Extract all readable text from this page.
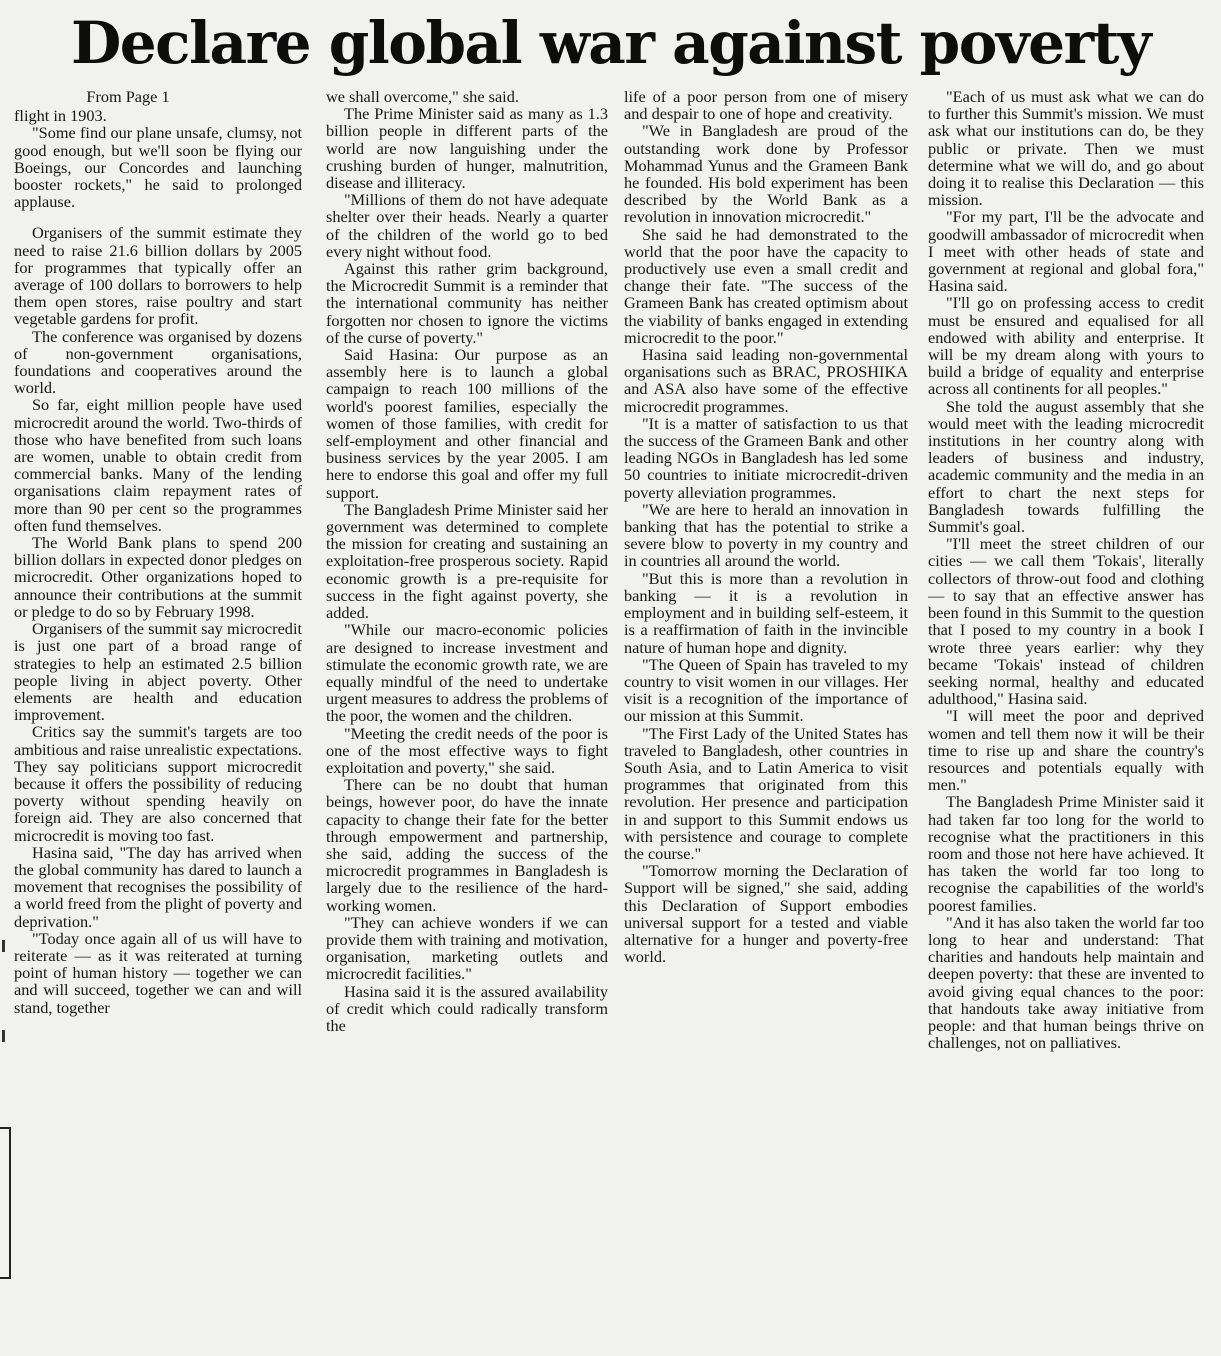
Declare global war against poverty
From Page 1

flight in 1903.

"Some find our plane unsafe, clumsy, not good enough, but we'll soon be flying our Boeings, our Concordes and launching booster rockets," he said to prolonged applause.

Organisers of the summit estimate they need to raise 21.6 billion dollars by 2005 for programmes that typically offer an average of 100 dollars to borrowers to help them open stores, raise poultry and start vegetable gardens for profit.

The conference was organised by dozens of non-government organisations, foundations and cooperatives around the world.

So far, eight million people have used microcredit around the world. Two-thirds of those who have benefited from such loans are women, unable to obtain credit from commercial banks. Many of the lending organisations claim repayment rates of more than 90 per cent so the programmes often fund themselves.

The World Bank plans to spend 200 billion dollars in expected donor pledges on microcredit. Other organizations hoped to announce their contributions at the summit or pledge to do so by February 1998.

Organisers of the summit say microcredit is just one part of a broad range of strategies to help an estimated 2.5 billion people living in abject poverty. Other elements are health and education improvement.

Critics say the summit's targets are too ambitious and raise unrealistic expectations. They say politicians support microcredit because it offers the possibility of reducing poverty without spending heavily on foreign aid. They are also concerned that microcredit is moving too fast.

Hasina said, "The day has arrived when the global community has dared to launch a movement that recognises the possibility of a world freed from the plight of poverty and deprivation."

"Today once again all of us will have to reiterate — as it was reiterated at turning point of human history — together we can and will succeed, together we can and will stand, together

we shall overcome," she said.

The Prime Minister said as many as 1.3 billion people in different parts of the world are now languishing under the crushing burden of hunger, malnutrition, disease and illiteracy.

"Millions of them do not have adequate shelter over their heads. Nearly a quarter of the children of the world go to bed every night without food.

Against this rather grim background, the Microcredit Summit is a reminder that the international community has neither forgotten nor chosen to ignore the victims of the curse of poverty."

Said Hasina: Our purpose as an assembly here is to launch a global campaign to reach 100 millions of the world's poorest families, especially the women of those families, with credit for self-employment and other financial and business services by the year 2005. I am here to endorse this goal and offer my full support.

The Bangladesh Prime Minister said her government was determined to complete the mission for creating and sustaining an exploitation-free prosperous society. Rapid economic growth is a pre-requisite for success in the fight against poverty, she added.

"While our macro-economic policies are designed to increase investment and stimulate the economic growth rate, we are equally mindful of the need to undertake urgent measures to address the problems of the poor, the women and the children.

"Meeting the credit needs of the poor is one of the most effective ways to fight exploitation and poverty," she said.

There can be no doubt that human beings, however poor, do have the innate capacity to change their fate for the better through empowerment and partnership, she said, adding the success of the microcredit programmes in Bangladesh is largely due to the resilience of the hard-working women.

"They can achieve wonders if we can provide them with training and motivation, organisation, marketing outlets and microcredit facilities."

Hasina said it is the assured availability of credit which could radically transform the

life of a poor person from one of misery and despair to one of hope and creativity.

"We in Bangladesh are proud of the outstanding work done by Professor Mohammad Yunus and the Grameen Bank he founded. His bold experiment has been described by the World Bank as a revolution in innovation microcredit."

She said he had demonstrated to the world that the poor have the capacity to productively use even a small credit and change their fate. "The success of the Grameen Bank has created optimism about the viability of banks engaged in extending microcredit to the poor."

Hasina said leading non-governmental organisations such as BRAC, PROSHIKA and ASA also have some of the effective microcredit programmes.

"It is a matter of satisfaction to us that the success of the Grameen Bank and other leading NGOs in Bangladesh has led some 50 countries to initiate microcredit-driven poverty alleviation programmes.

"We are here to herald an innovation in banking that has the potential to strike a severe blow to poverty in my country and in countries all around the world.

"But this is more than a revolution in banking — it is a revolution in employment and in building self-esteem, it is a reaffirmation of faith in the invincible nature of human hope and dignity.

"The Queen of Spain has traveled to my country to visit women in our villages. Her visit is a recognition of the importance of our mission at this Summit.

"The First Lady of the United States has traveled to Bangladesh, other countries in South Asia, and to Latin America to visit programmes that originated from this revolution. Her presence and participation in and support to this Summit endows us with persistence and courage to complete the course."

"Tomorrow morning the Declaration of Support will be signed," she said, adding this Declaration of Support embodies universal support for a tested and viable alternative for a hunger and poverty-free world.

"Each of us must ask what we can do to further this Summit's mission. We must ask what our institutions can do, be they public or private. Then we must determine what we will do, and go about doing it to realise this Declaration — this mission.

"For my part, I'll be the advocate and goodwill ambassador of microcredit when I meet with other heads of state and government at regional and global fora," Hasina said.

"I'll go on professing access to credit must be ensured and equalised for all endowed with ability and enterprise. It will be my dream along with yours to build a bridge of equality and enterprise across all continents for all peoples."

She told the august assembly that she would meet with the leading microcredit institutions in her country along with leaders of business and industry, academic community and the media in an effort to chart the next steps for Bangladesh towards fulfilling the Summit's goal.

"I'll meet the street children of our cities — we call them 'Tokais', literally collectors of throw-out food and clothing — to say that an effective answer has been found in this Summit to the question that I posed to my country in a book I wrote three years earlier: why they became 'Tokais' instead of children seeking normal, healthy and educated adulthood," Hasina said.

"I will meet the poor and deprived women and tell them now it will be their time to rise up and share the country's resources and potentials equally with men."

The Bangladesh Prime Minister said it had taken far too long for the world to recognise what the practitioners in this room and those not here have achieved. It has taken the world far too long to recognise the capabilities of the world's poorest families.

"And it has also taken the world far too long to hear and understand: That charities and handouts help maintain and deepen poverty: that these are invented to avoid giving equal chances to the poor: that handouts take away initiative from people: and that human beings thrive on challenges, not on palliatives.
